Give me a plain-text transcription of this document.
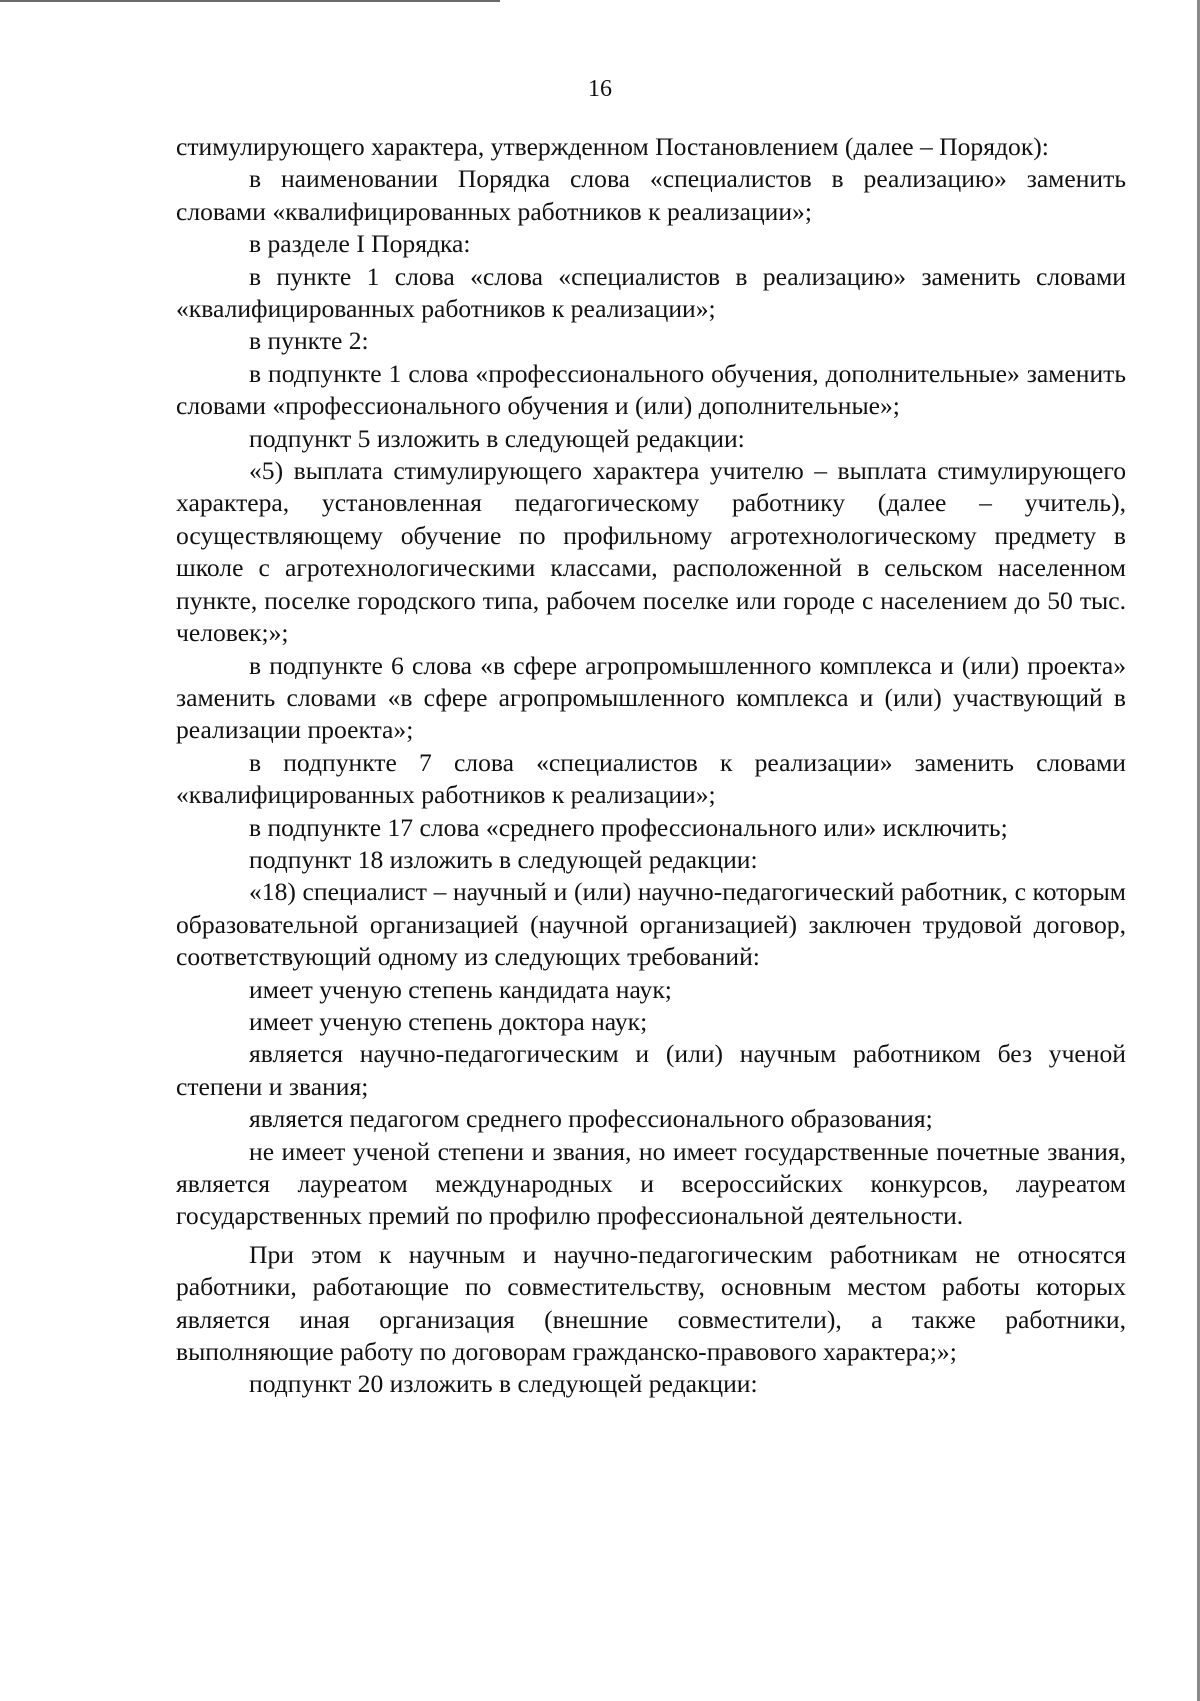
16

стимулирующего характера, утвержденном Постановлением (далее – Порядок):

в наименовании Порядка слова «специалистов в реализацию» заменить словами «квалифицированных работников к реализации»;

в разделе I Порядка:

в пункте 1 слова «слова «специалистов в реализацию» заменить словами «квалифицированных работников к реализации»;

в пункте 2:

в подпункте 1 слова «профессионального обучения, дополнительные» заменить словами «профессионального обучения и (или) дополнительные»;

подпункт 5 изложить в следующей редакции:

«5) выплата стимулирующего характера учителю – выплата стимулирующего характера, установленная педагогическому работнику (далее – учитель), осуществляющему обучение по профильному агротехнологическому предмету в школе с агротехнологическими классами, расположенной в сельском населенном пункте, поселке городского типа, рабочем поселке или городе с населением до 50 тыс. человек;»;

в подпункте 6 слова «в сфере агропромышленного комплекса и (или) проекта» заменить словами «в сфере агропромышленного комплекса и (или) участвующий в реализации проекта»;

в подпункте 7 слова «специалистов к реализации» заменить словами «квалифицированных работников к реализации»;

в подпункте 17 слова «среднего профессионального или» исключить;

подпункт 18 изложить в следующей редакции:

«18) специалист – научный и (или) научно-педагогический работник, с которым образовательной организацией (научной организацией) заключен трудовой договор, соответствующий одному из следующих требований:

имеет ученую степень кандидата наук;

имеет ученую степень доктора наук;

является научно-педагогическим и (или) научным работником без ученой степени и звания;

является педагогом среднего профессионального образования;

не имеет ученой степени и звания, но имеет государственные почетные звания, является лауреатом международных и всероссийских конкурсов, лауреатом государственных премий по профилю профессиональной деятельности.

При этом к научным и научно-педагогическим работникам не относятся работники, работающие по совместительству, основным местом работы которых является иная организация (внешние совместители), а также работники, выполняющие работу по договорам гражданско-правового характера;»;

подпункт 20 изложить в следующей редакции:
